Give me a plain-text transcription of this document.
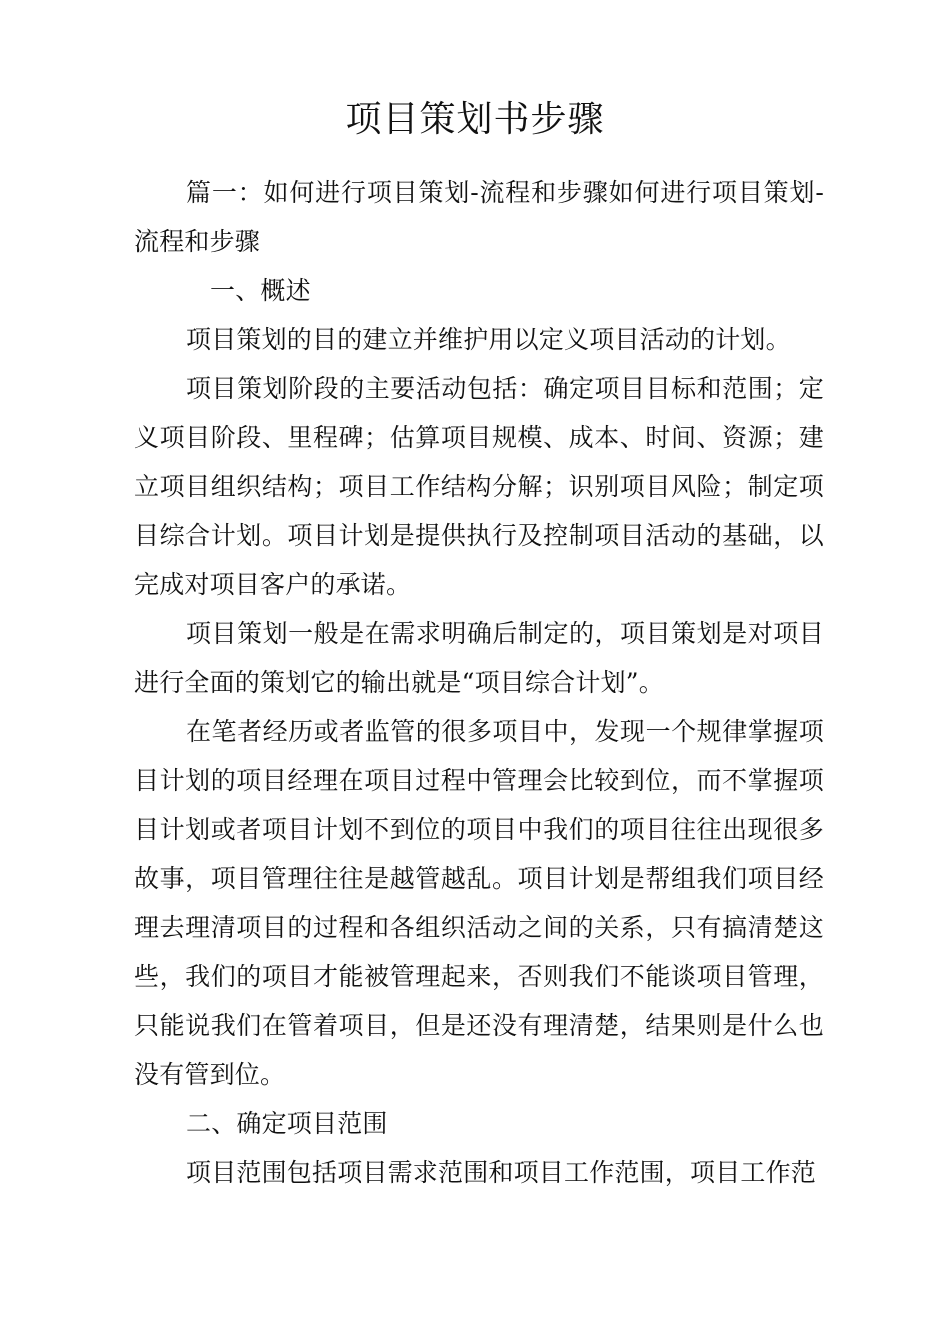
项目策划书步骤

篇一：如何进行项目策划-流程和步骤如何进行项目策划-流程和步骤

一、概述

项目策划的目的建立并维护用以定义项目活动的计划。

项目策划阶段的主要活动包括：确定项目目标和范围；定义项目阶段、里程碑；估算项目规模、成本、时间、资源；建立项目组织结构；项目工作结构分解；识别项目风险；制定项目综合计划。项目计划是提供执行及控制项目活动的基础，以完成对项目客户的承诺。

项目策划一般是在需求明确后制定的，项目策划是对项目进行全面的策划它的输出就是“项目综合计划”。

在笔者经历或者监管的很多项目中，发现一个规律掌握项目计划的项目经理在项目过程中管理会比较到位，而不掌握项目计划或者项目计划不到位的项目中我们的项目往往出现很多故事，项目管理往往是越管越乱。项目计划是帮组我们项目经理去理清项目的过程和各组织活动之间的关系，只有搞清楚这些，我们的项目才能被管理起来，否则我们不能谈项目管理，只能说我们在管着项目，但是还没有理清楚，结果则是什么也没有管到位。

二、确定项目范围

项目范围包括项目需求范围和项目工作范围，项目工作范
